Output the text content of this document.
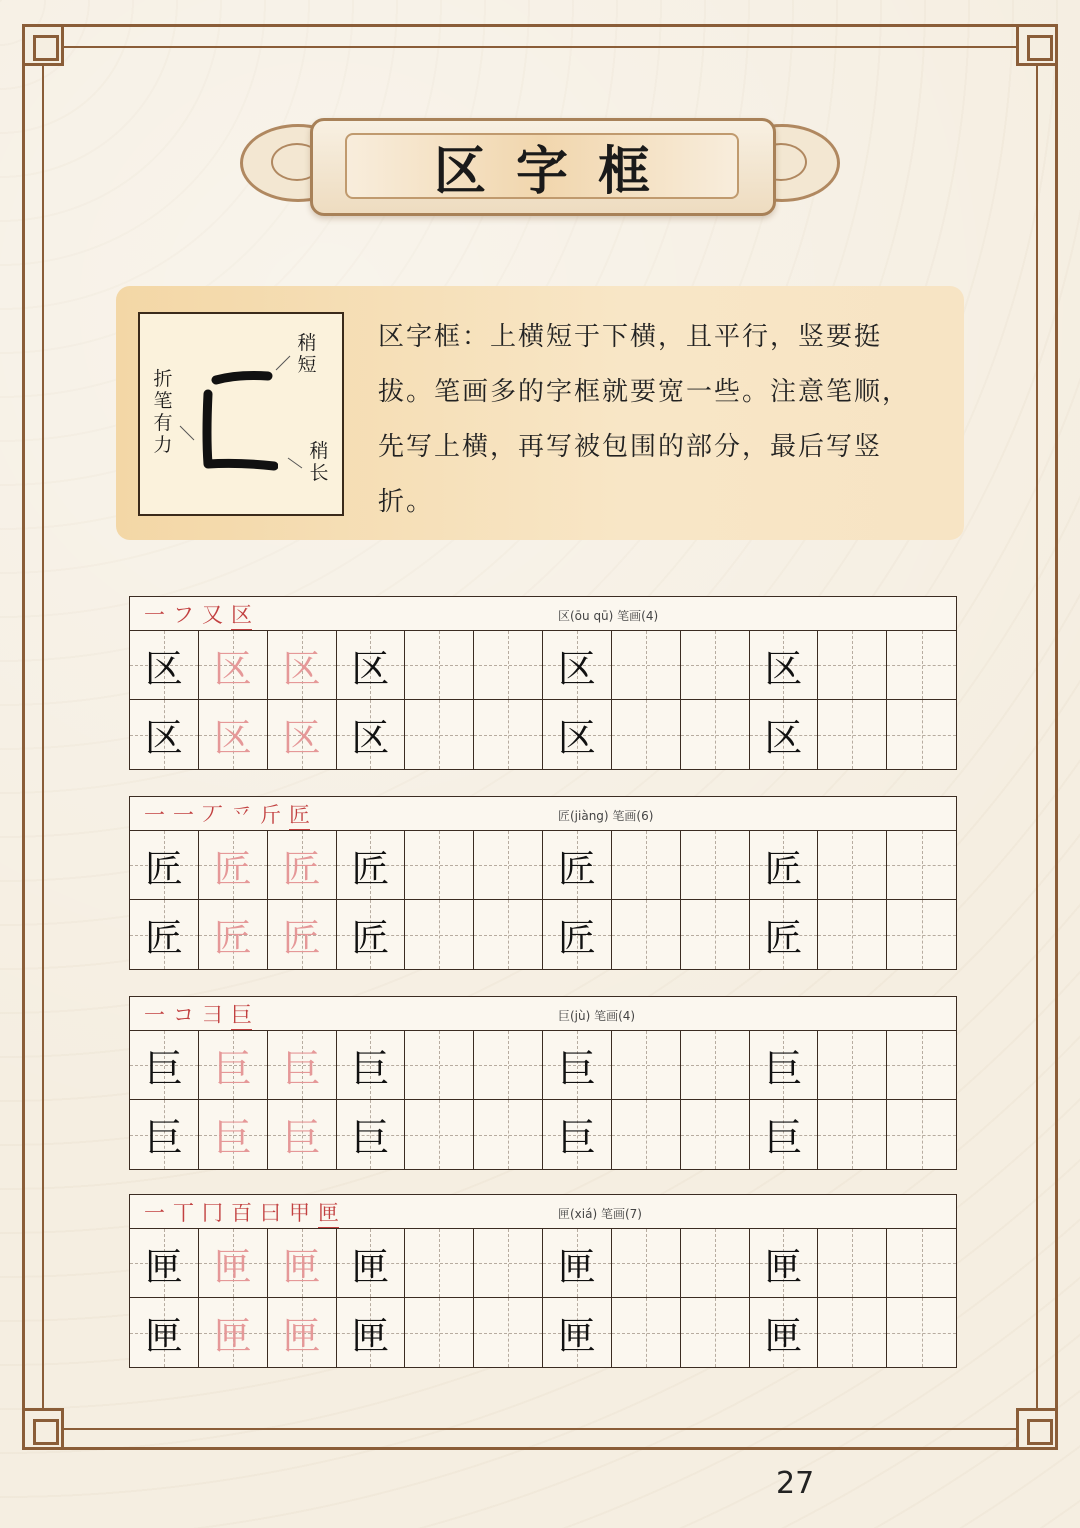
区字框
折笔有力
稍短
稍长
区字框：上横短于下横，且平行，竖要挺拔。笔画多的字框就要宽一些。注意笔顺，先写上横，再写被包围的部分，最后写竖折。
一 フ 又 区	区(ōu qū) 笔画(4)
区 区 区 区	区	区
区 区 区 区	区	区
一 一 丆 乊 斤 匠	匠(jiàng) 笔画(6)
匠 匠 匠 匠	匠	匠
匠 匠 匠 匠	匠	匠
一 コ 彐 巨	巨(jù) 笔画(4)
巨 巨 巨 巨	巨	巨
巨 巨 巨 巨	巨	巨
一 丅 冂 百 曰 甲 匣	匣(xiá) 笔画(7)
匣 匣 匣 匣	匣	匣
匣 匣 匣 匣	匣	匣
27
